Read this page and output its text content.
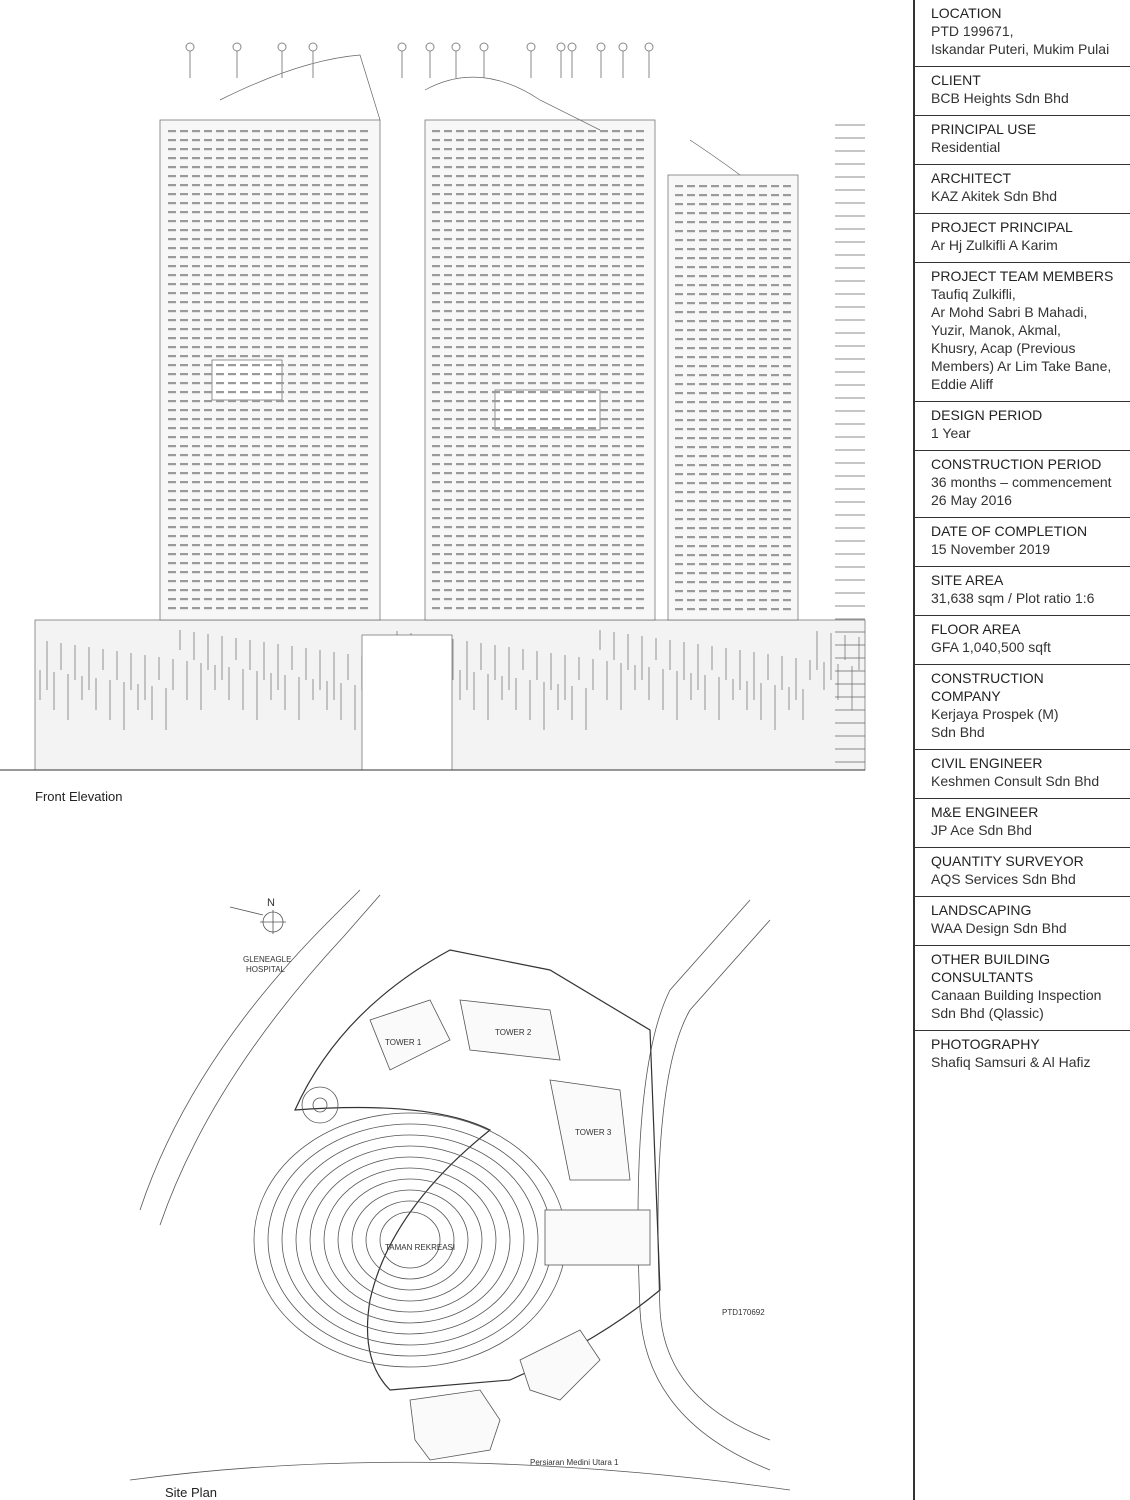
Front Elevation
N
GLENEAGLE HOSPITAL
TAMAN REKREASI
PTD170692
TOWER 1
TOWER 2
TOWER 3
Persiaran Medini Utara 1
Site Plan
LOCATION
PTD 199671,
Iskandar Puteri, Mukim Pulai
CLIENT
BCB Heights Sdn Bhd
PRINCIPAL USE
Residential
ARCHITECT
KAZ Akitek Sdn Bhd
PROJECT PRINCIPAL
Ar Hj Zulkifli A Karim
PROJECT TEAM MEMBERS
Taufiq Zulkifli,
Ar Mohd Sabri B Mahadi,
Yuzir, Manok, Akmal,
Khusry, Acap (Previous
Members) Ar Lim Take Bane,
Eddie Aliff
DESIGN PERIOD
1 Year
CONSTRUCTION PERIOD
36 months – commencement
26 May 2016
DATE OF COMPLETION
15 November 2019
SITE AREA
31,638 sqm / Plot ratio 1:6
FLOOR AREA
GFA 1,040,500 sqft
CONSTRUCTION
COMPANY
Kerjaya Prospek (M)
Sdn Bhd
CIVIL ENGINEER
Keshmen Consult Sdn Bhd
M&E ENGINEER
JP Ace Sdn Bhd
QUANTITY SURVEYOR
AQS Services Sdn Bhd
LANDSCAPING
WAA Design Sdn Bhd
OTHER BUILDING
CONSULTANTS
Canaan Building Inspection
Sdn Bhd (Qlassic)
PHOTOGRAPHY
Shafiq Samsuri & Al Hafiz
